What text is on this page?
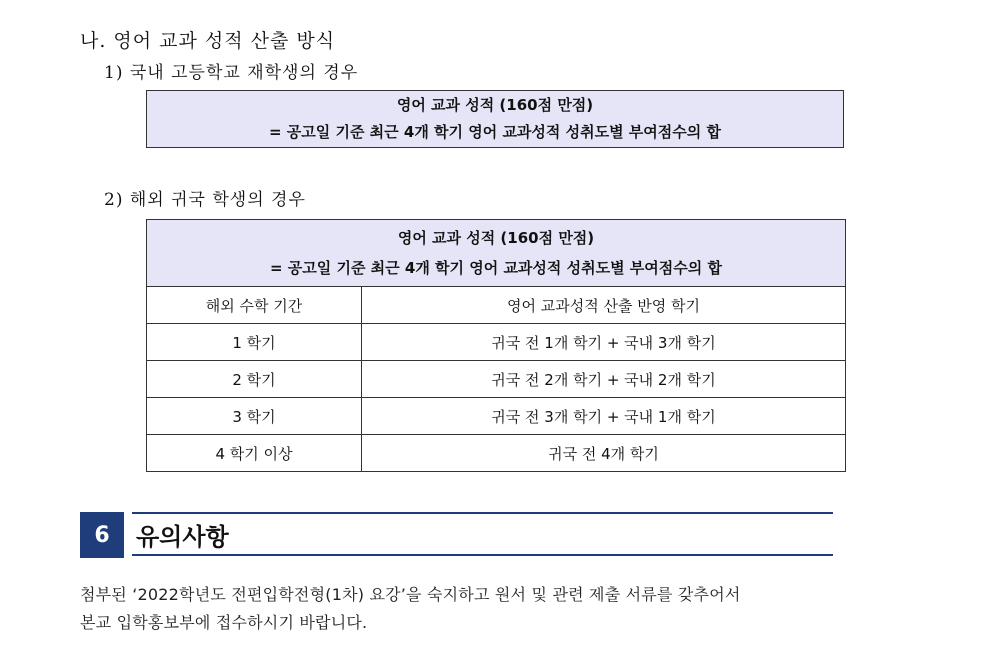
나. 영어 교과 성적 산출 방식
1) 국내 고등학교 재학생의 경우
영어 교과 성적 (160점 만점)
= 공고일 기준 최근 4개 학기 영어 교과성적 성취도별 부여점수의 합
2) 해외 귀국 학생의 경우
영어 교과 성적 (160점 만점)
= 공고일 기준 최근 4개 학기 영어 교과성적 성취도별 부여점수의 합	

해외 수학 기간	영어 교과성적 산출 반영 학기
1 학기	귀국 전 1개 학기 + 국내 3개 학기
2 학기	귀국 전 2개 학기 + 국내 2개 학기
3 학기	귀국 전 3개 학기 + 국내 1개 학기
4 학기 이상	귀국 전 4개 학기
6	유의사항
첨부된 ‘2022학년도 전편입학전형(1차) 요강’을 숙지하고 원서 및 관련 제출 서류를 갖추어서
본교 입학홍보부에 접수하시기 바랍니다.
